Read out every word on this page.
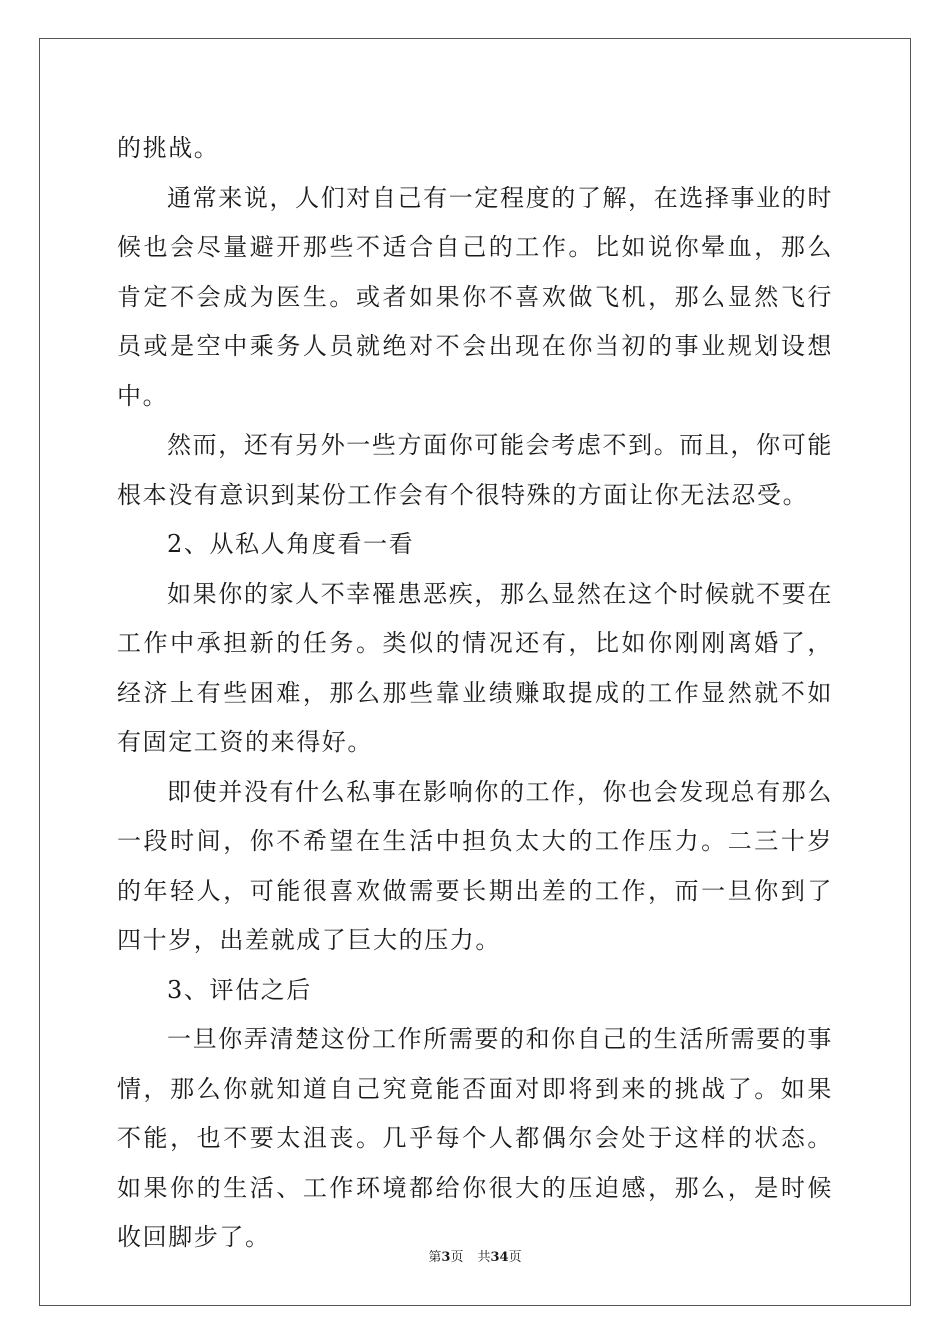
的挑战。

通常来说，人们对自己有一定程度的了解，在选择事业的时候也会尽量避开那些不适合自己的工作。比如说你晕血，那么肯定不会成为医生。或者如果你不喜欢做飞机，那么显然飞行员或是空中乘务人员就绝对不会出现在你当初的事业规划设想中。

然而，还有另外一些方面你可能会考虑不到。而且，你可能根本没有意识到某份工作会有个很特殊的方面让你无法忍受。

2、从私人角度看一看

如果你的家人不幸罹患恶疾，那么显然在这个时候就不要在工作中承担新的任务。类似的情况还有，比如你刚刚离婚了，经济上有些困难，那么那些靠业绩赚取提成的工作显然就不如有固定工资的来得好。

即使并没有什么私事在影响你的工作，你也会发现总有那么一段时间，你不希望在生活中担负太大的工作压力。二三十岁的年轻人，可能很喜欢做需要长期出差的工作，而一旦你到了四十岁，出差就成了巨大的压力。

3、评估之后

一旦你弄清楚这份工作所需要的和你自己的生活所需要的事情，那么你就知道自己究竟能否面对即将到来的挑战了。如果不能，也不要太沮丧。几乎每个人都偶尔会处于这样的状态。如果你的生活、工作环境都给你很大的压迫感，那么，是时候收回脚步了。

第3页 共34页
